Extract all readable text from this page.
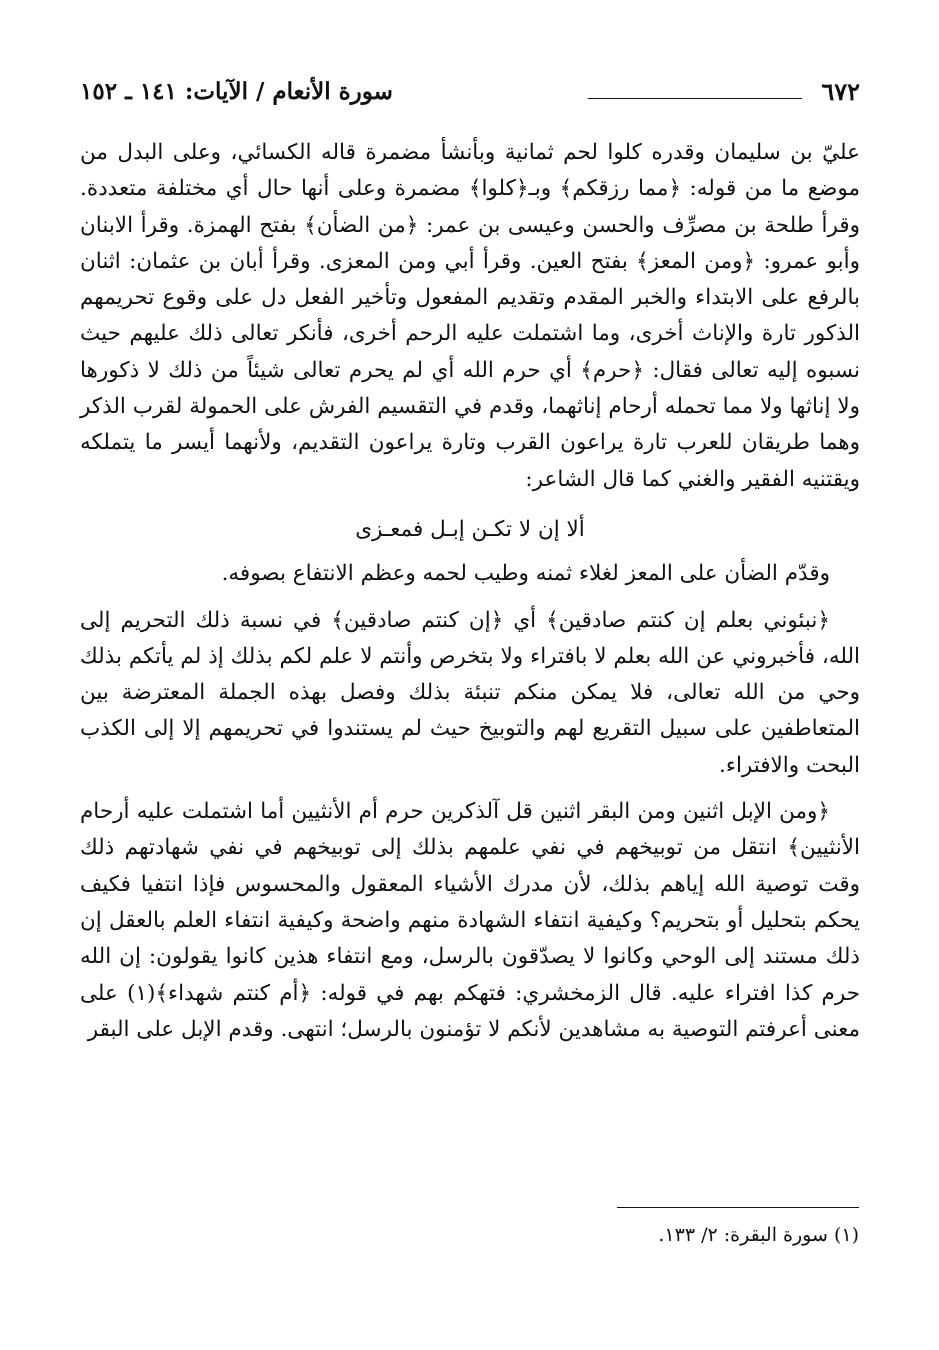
٦٧٢
سورة الأنعام / الآيات: ١٤١ ـ ١٥٢

عليّ بن سليمان وقدره كلوا لحم ثمانية وبأنشأ مضمرة قاله الكسائي، وعلى البدل من موضع ما من قوله: ﴿مما رزقكم﴾ وبـ﴿كلوا﴾ مضمرة وعلى أنها حال أي مختلفة متعددة. وقرأ طلحة بن مصرِّف والحسن وعيسى بن عمر: ﴿من الضأن﴾ بفتح الهمزة. وقرأ الابنان وأبو عمرو: ﴿ومن المعز﴾ بفتح العين. وقرأ أبي ومن المعزى. وقرأ أبان بن عثمان: اثنان بالرفع على الابتداء والخبر المقدم وتقديم المفعول وتأخير الفعل دل على وقوع تحريمهم الذكور تارة والإناث أخرى، وما اشتملت عليه الرحم أخرى، فأنكر تعالى ذلك عليهم حيث نسبوه إليه تعالى فقال: ﴿حرم﴾ أي حرم الله أي لم يحرم تعالى شيئاً من ذلك لا ذكورها ولا إناثها ولا مما تحمله أرحام إناثهما، وقدم في التقسيم الفرش على الحمولة لقرب الذكر وهما طريقان للعرب تارة يراعون القرب وتارة يراعون التقديم، ولأنهما أيسر ما يتملكه ويقتنيه الفقير والغني كما قال الشاعر:

ألا إن لا تكـن إبـل فمعـزى

وقدّم الضأن على المعز لغلاء ثمنه وطيب لحمه وعظم الانتفاع بصوفه.

﴿نبئوني بعلم إن كنتم صادقين﴾ أي ﴿إن كنتم صادقين﴾ في نسبة ذلك التحريم إلى الله، فأخبروني عن الله بعلم لا بافتراء ولا بتخرص وأنتم لا علم لكم بذلك إذ لم يأتكم بذلك وحي من الله تعالى، فلا يمكن منكم تنبئة بذلك وفصل بهذه الجملة المعترضة بين المتعاطفين على سبيل التقريع لهم والتوبيخ حيث لم يستندوا في تحريمهم إلا إلى الكذب البحت والافتراء.

﴿ومن الإبل اثنين ومن البقر اثنين قل آلذكرين حرم أم الأنثيين أما اشتملت عليه أرحام الأنثيين﴾ انتقل من توبيخهم في نفي علمهم بذلك إلى توبيخهم في نفي شهادتهم ذلك وقت توصية الله إياهم بذلك، لأن مدرك الأشياء المعقول والمحسوس فإذا انتفيا فكيف يحكم بتحليل أو بتحريم؟ وكيفية انتفاء الشهادة منهم واضحة وكيفية انتفاء العلم بالعقل إن ذلك مستند إلى الوحي وكانوا لا يصدّقون بالرسل، ومع انتفاء هذين كانوا يقولون: إن الله حرم كذا افتراء عليه. قال الزمخشري: فتهكم بهم في قوله: ﴿أم كنتم شهداء﴾(١) على معنى أعرفتم التوصية به مشاهدين لأنكم لا تؤمنون بالرسل؛ انتهى. وقدم الإبل على البقر

(١) سورة البقرة: ٢/ ١٣٣.
